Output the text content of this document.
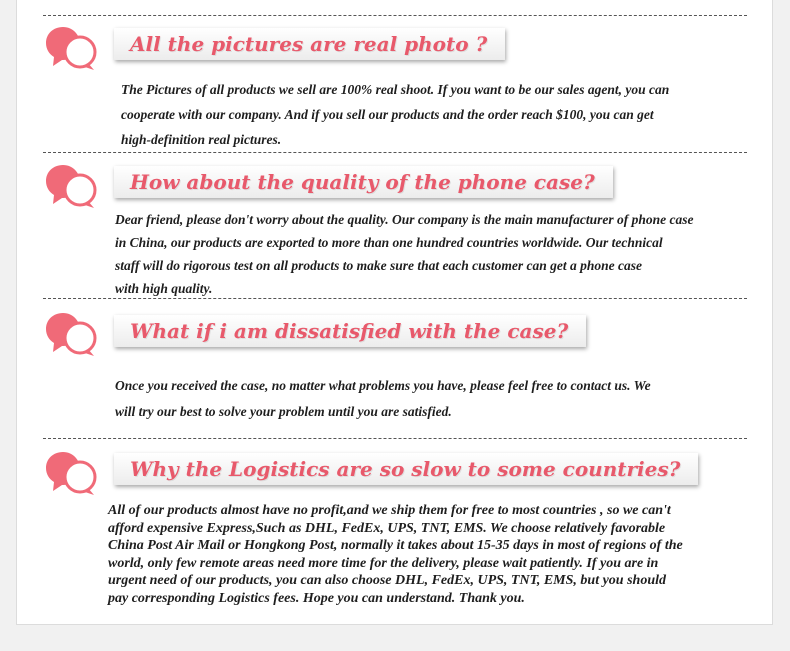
All the pictures are real photo ?
The Pictures of all products we sell are 100% real shoot. If you want to be our sales agent, you can
cooperate with our company. And if you sell our products and the order reach $100, you can get
high-definition real pictures.
How about the quality of the phone case?
Dear friend, please don't worry about the quality. Our company is the main manufacturer of phone case
in China, our products are exported to more than one hundred countries worldwide. Our technical
staff will do rigorous test on all products to make sure that each customer can get a phone case
with high quality.
What if i am dissatisfied with the case?
Once you received the case, no matter what problems you have, please feel free to contact us. We
will try our best to solve your problem until you are satisfied.
Why the Logistics are so slow to some countries?
All of our products almost have no profit,and we ship them for free to most countries , so we can't
afford expensive Express,Such as DHL, FedEx, UPS, TNT, EMS. We choose relatively favorable
China Post Air Mail or Hongkong Post, normally it takes about 15-35 days in most of regions of the
world, only few remote areas need more time for the delivery, please wait patiently. If you are in
urgent need of our products, you can also choose DHL, FedEx, UPS, TNT, EMS, but you should
pay corresponding Logistics fees. Hope you can understand. Thank you.
